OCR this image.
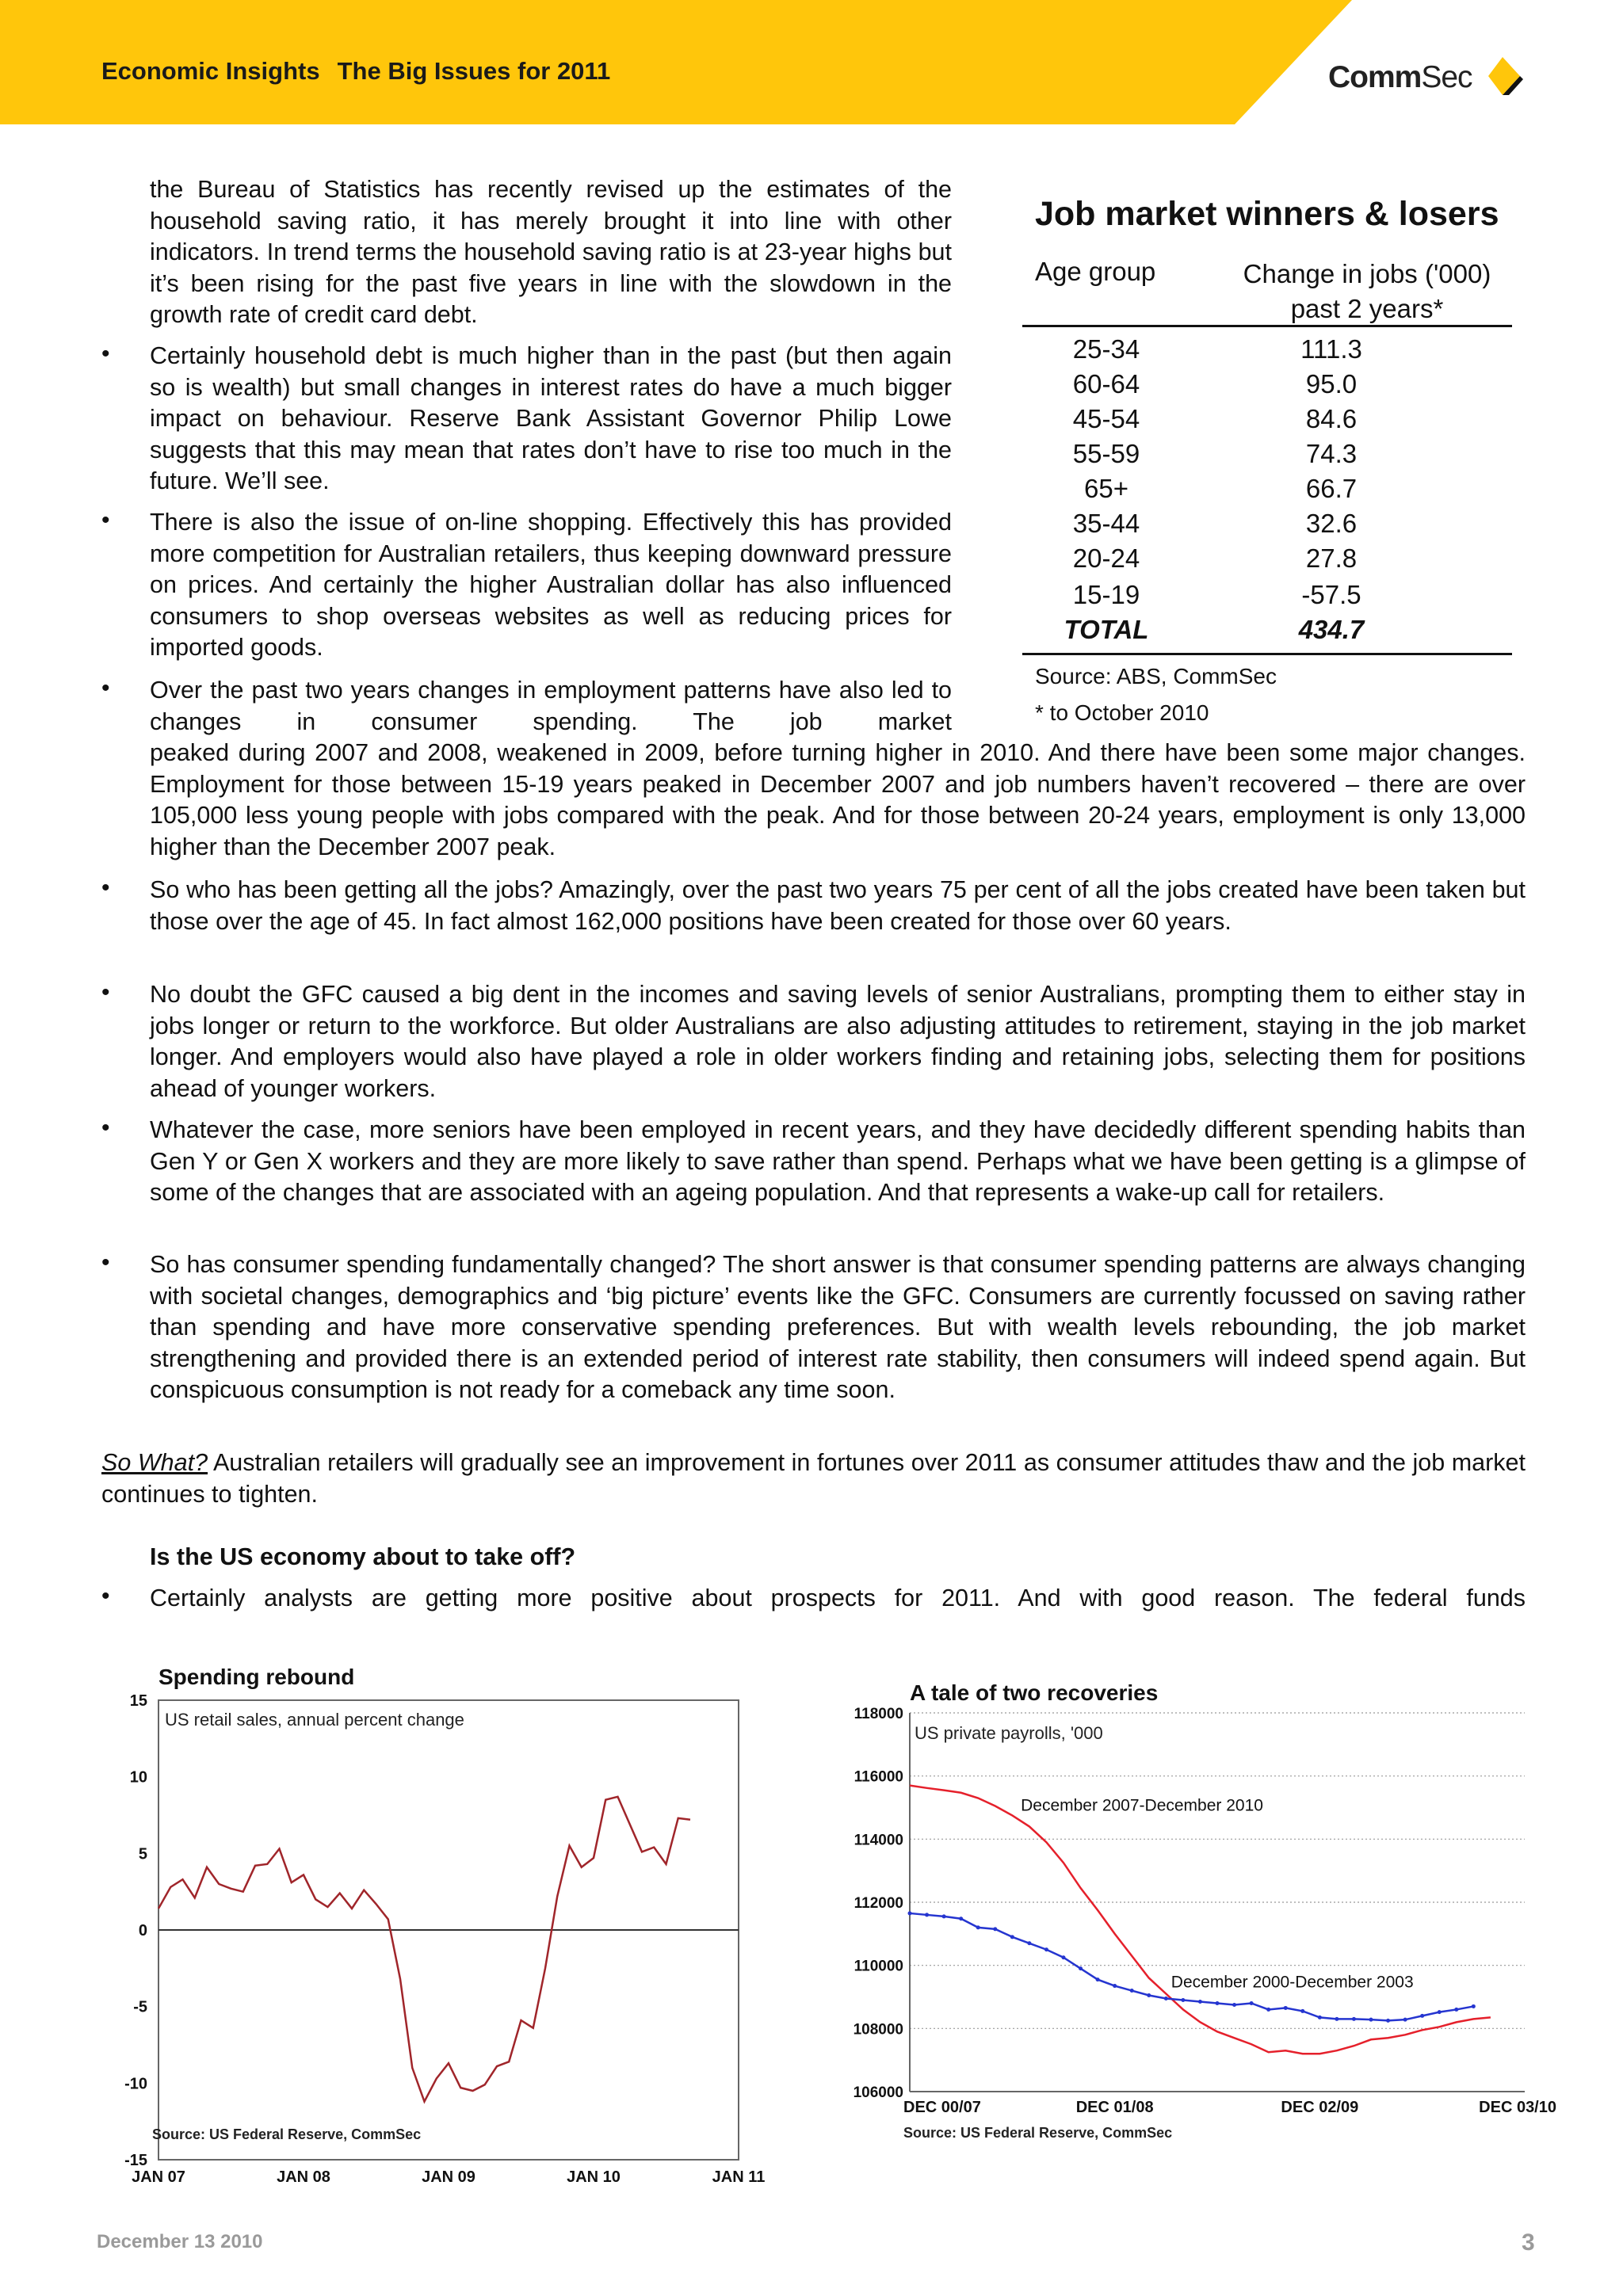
Economic Insights The Big Issues for 2011	CommSec

the Bureau of Statistics has recently revised up the estimates of the household saving ratio, it has merely brought it into line with other indicators. In trend terms the household saving ratio is at 23-year highs but it’s been rising for the past five years in line with the slowdown in the growth rate of credit card debt.

• Certainly household debt is much higher than in the past (but then again so is wealth) but small changes in interest rates do have a much bigger impact on behaviour. Reserve Bank Assistant Governor Philip Lowe suggests that this may mean that rates don’t have to rise too much in the future. We’ll see.
• There is also the issue of on-line shopping. Effectively this has provided more competition for Australian retailers, thus keeping downward pressure on prices. And certainly the higher Australian dollar has also influenced consumers to shop overseas websites as well as reducing prices for imported goods.
• Over the past two years changes in employment patterns have also led to changes in consumer spending. The job market
peaked during 2007 and 2008, weakened in 2009, before turning higher in 2010. And there have been some major changes. Employment for those between 15-19 years peaked in December 2007 and job numbers haven’t recovered – there are over 105,000 less young people with jobs compared with the peak. And for those between 20-24 years, employment is only 13,000 higher than the December 2007 peak.
• So who has been getting all the jobs? Amazingly, over the past two years 75 per cent of all the jobs created have been taken but those over the age of 45. In fact almost 162,000 positions have been created for those over 60 years.
• No doubt the GFC caused a big dent in the incomes and saving levels of senior Australians, prompting them to either stay in jobs longer or return to the workforce. But older Australians are also adjusting attitudes to retirement, staying in the job market longer. And employers would also have played a role in older workers finding and retaining jobs, selecting them for positions ahead of younger workers.
• Whatever the case, more seniors have been employed in recent years, and they have decidedly different spending habits than Gen Y or Gen X workers and they are more likely to save rather than spend. Perhaps what we have been getting is a glimpse of some of the changes that are associated with an ageing population. And that represents a wake-up call for retailers.
• So has consumer spending fundamentally changed? The short answer is that consumer spending patterns are always changing with societal changes, demographics and ‘big picture’ events like the GFC. Consumers are currently focussed on saving rather than spending and have more conservative spending preferences. But with wealth levels rebounding, the job market strengthening and provided there is an extended period of interest rate stability, then consumers will indeed spend again. But conspicuous consumption is not ready for a comeback any time soon.
So What? Australian retailers will gradually see an improvement in fortunes over 2011 as consumer attitudes thaw and the job market continues to tighten.
Is the US economy about to take off?
• Certainly analysts are getting more positive about prospects for 2011. And with good reason. The federal funds
Job market winners & losers
Age group	Change in jobs ('000)
past 2 years*
25-34	111.3
60-64	95.0
45-54	84.6
55-59	74.3
65+	66.7
35-44	32.6
20-24	27.8
15-19	-57.5
TOTAL	434.7
Source: ABS, CommSec
* to October 2010
Spending rebound
US retail sales, annual percent change
15
10
5
0
-5
-10
-15
JAN 07	JAN 08	JAN 09	JAN 10	JAN 11
Source: US Federal Reserve, CommSec
A tale of two recoveries
US private payrolls, '000
118000
116000
114000
112000
110000
108000
106000
DEC 00/07	DEC 01/08	DEC 02/09	DEC 03/10
December 2007-December 2010
December 2000-December 2003
Source: US Federal Reserve, CommSec
December 13 2010	3
